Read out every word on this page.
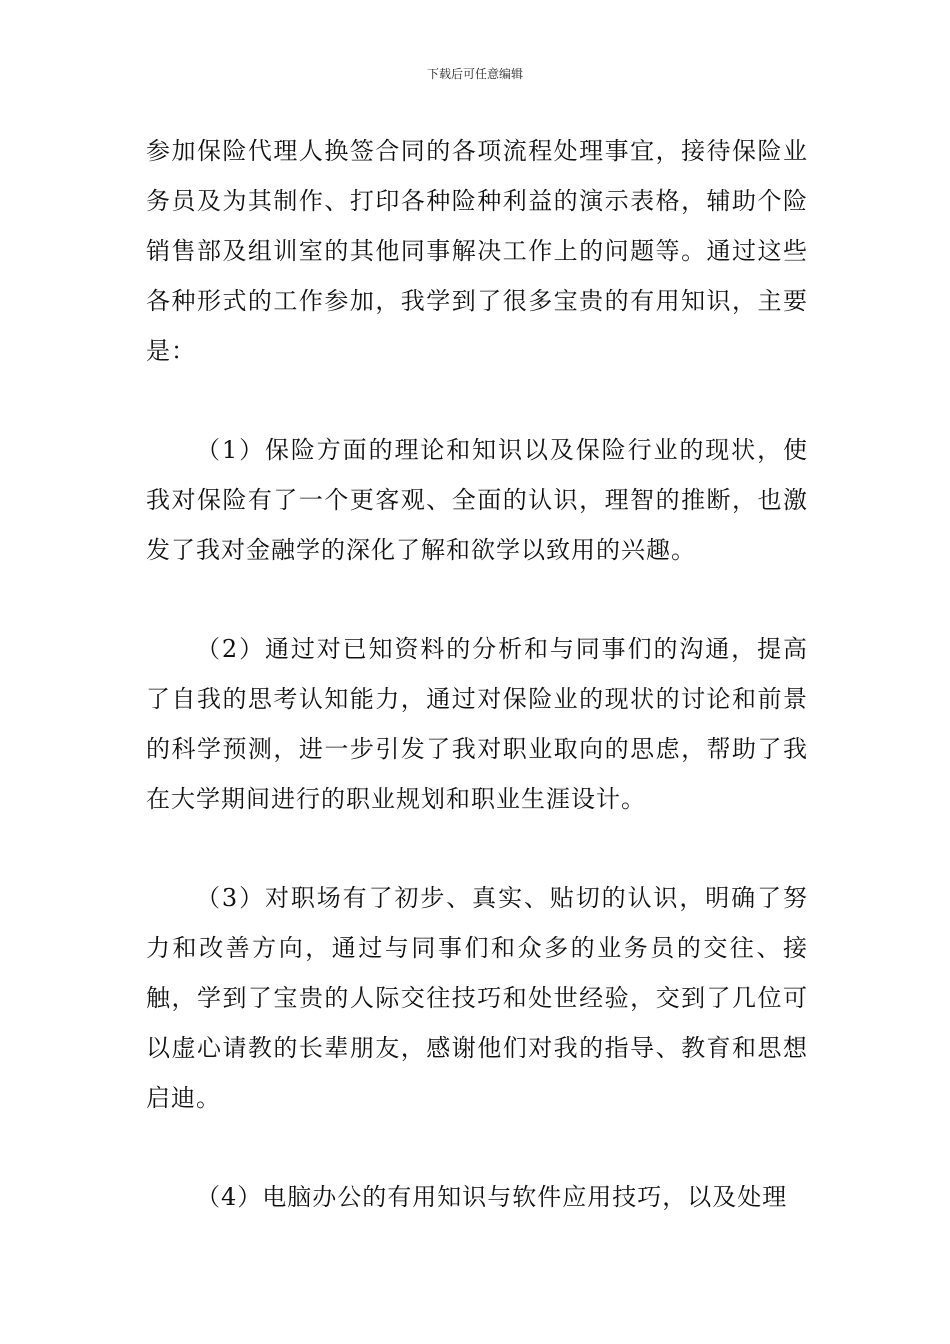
下载后可任意编辑

参加保险代理人换签合同的各项流程处理事宜，接待保险业务员及为其制作、打印各种险种利益的演示表格，辅助个险销售部及组训室的其他同事解决工作上的问题等。通过这些各种形式的工作参加，我学到了很多宝贵的有用知识，主要是：

（1）保险方面的理论和知识以及保险行业的现状，使我对保险有了一个更客观、全面的认识，理智的推断，也激发了我对金融学的深化了解和欲学以致用的兴趣。

（2）通过对已知资料的分析和与同事们的沟通，提高了自我的思考认知能力，通过对保险业的现状的讨论和前景的科学预测，进一步引发了我对职业取向的思虑，帮助了我在大学期间进行的职业规划和职业生涯设计。

（3）对职场有了初步、真实、贴切的认识，明确了努力和改善方向，通过与同事们和众多的业务员的交往、接触，学到了宝贵的人际交往技巧和处世经验，交到了几位可以虚心请教的长辈朋友，感谢他们对我的指导、教育和思想启迪。

（4）电脑办公的有用知识与软件应用技巧，以及处理
